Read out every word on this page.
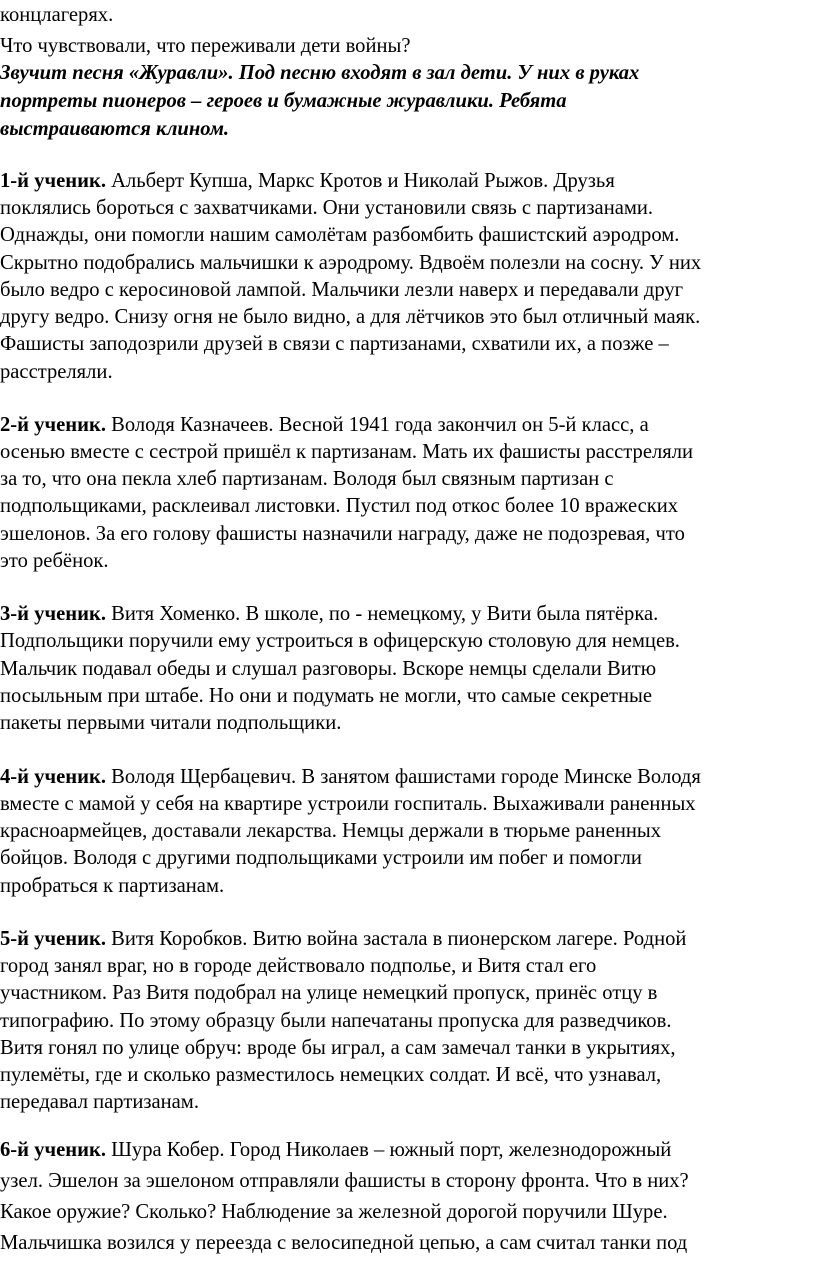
концлагерях.
Что чувствовали, что переживали дети войны?
Звучит песня «Журавли». Под песню входят в зал дети. У них в руках
портреты пионеров – героев и бумажные журавлики. Ребята
выстраиваются клином.
1-й ученик. Альберт Купша, Маркс Кротов и Николай Рыжов. Друзья
поклялись бороться с захватчиками. Они установили связь с партизанами.
Однажды, они помогли нашим самолётам разбомбить фашистский аэродром.
Скрытно подобрались мальчишки к аэродрому. Вдвоём полезли на сосну. У них
было ведро с керосиновой лампой. Мальчики лезли наверх и передавали друг
другу ведро. Снизу огня не было видно, а для лётчиков это был отличный маяк.
Фашисты заподозрили друзей в связи с партизанами, схватили их, а позже –
расстреляли.
2-й ученик. Володя Казначеев. Весной 1941 года закончил он 5-й класс, а
осенью вместе с сестрой пришёл к партизанам. Мать их фашисты расстреляли
за то, что она пекла хлеб партизанам. Володя был связным партизан с
подпольщиками, расклеивал листовки. Пустил под откос более 10 вражеских
эшелонов. За его голову фашисты назначили награду, даже не подозревая, что
это ребёнок.
3-й ученик. Витя Хоменко. В школе, по - немецкому, у Вити была пятёрка.
Подпольщики поручили ему устроиться в офицерскую столовую для немцев.
Мальчик подавал обеды и слушал разговоры. Вскоре немцы сделали Витю
посыльным при штабе. Но они и подумать не могли, что самые секретные
пакеты первыми читали подпольщики.
4-й ученик. Володя Щербацевич. В занятом фашистами городе Минске Володя
вместе с мамой у себя на квартире устроили госпиталь. Выхаживали раненных
красноармейцев, доставали лекарства. Немцы держали в тюрьме раненных
бойцов. Володя с другими подпольщиками устроили им побег и помогли
пробраться к партизанам.
5-й ученик. Витя Коробков. Витю война застала в пионерском лагере. Родной
город занял враг, но в городе действовало подполье, и Витя стал его
участником. Раз Витя подобрал на улице немецкий пропуск, принёс отцу в
типографию. По этому образцу были напечатаны пропуска для разведчиков.
Витя гонял по улице обруч: вроде бы играл, а сам замечал танки в укрытиях,
пулемёты, где и сколько разместилось немецких солдат. И всё, что узнавал,
передавал партизанам.
6-й ученик. Шура Кобер. Город Николаев – южный порт, железнодорожный
узел. Эшелон за эшелоном отправляли фашисты в сторону фронта. Что в них?
Какое оружие? Сколько? Наблюдение за железной дорогой поручили Шуре.
Мальчишка возился у переезда с велосипедной цепью, а сам считал танки под
